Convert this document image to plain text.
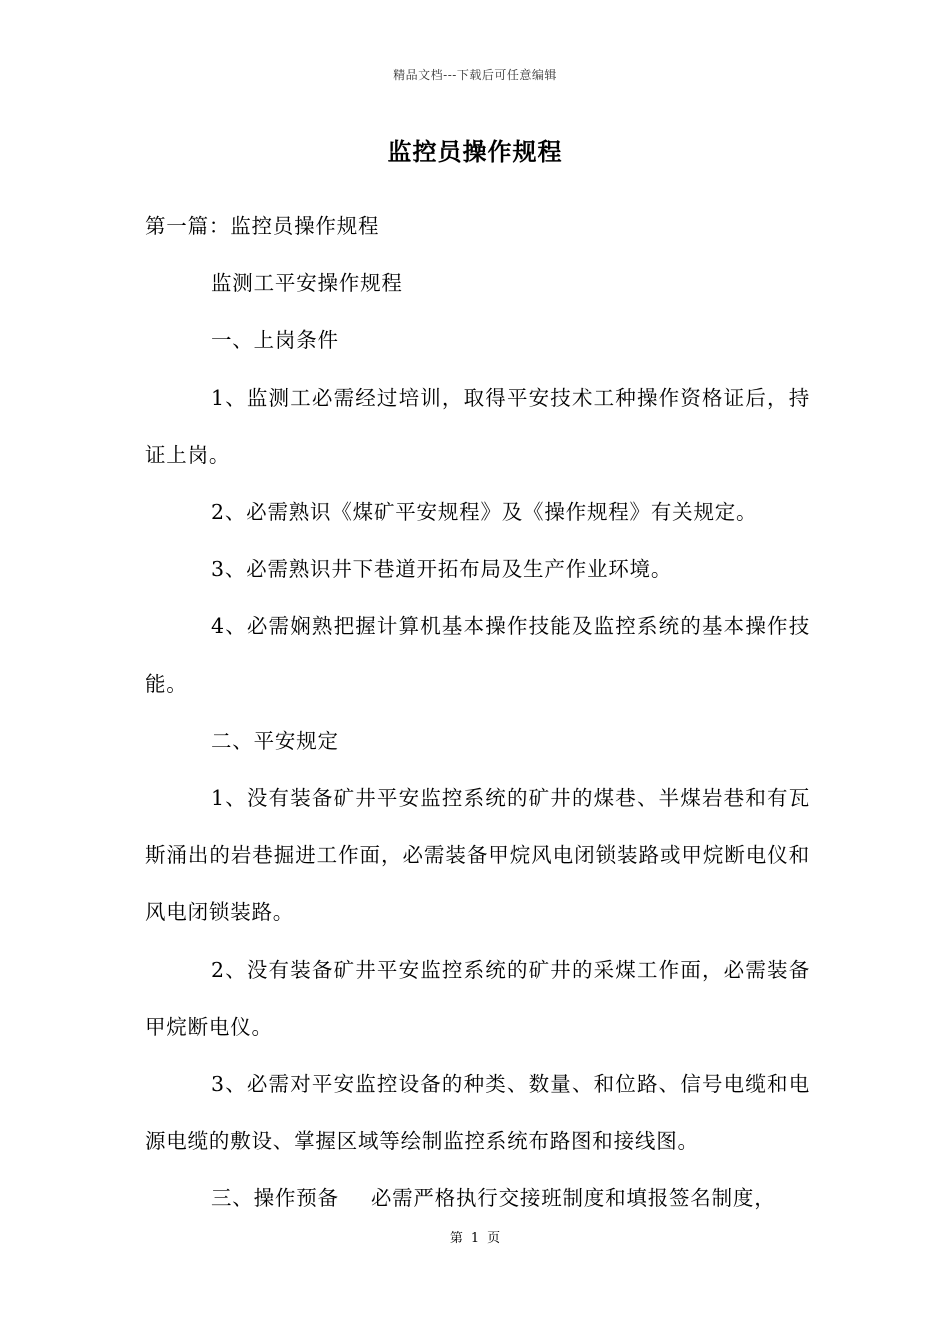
精品文档---下载后可任意编辑
监控员操作规程

第一篇：监控员操作规程

监测工平安操作规程

一、上岗条件

1、监测工必需经过培训，取得平安技术工种操作资格证后，持证上岗。

2、必需熟识《煤矿平安规程》及《操作规程》有关规定。

3、必需熟识井下巷道开拓布局及生产作业环境。

4、必需娴熟把握计算机基本操作技能及监控系统的基本操作技能。

二、平安规定

1、没有装备矿井平安监控系统的矿井的煤巷、半煤岩巷和有瓦斯涌出的岩巷掘进工作面，必需装备甲烷风电闭锁装路或甲烷断电仪和风电闭锁装路。

2、没有装备矿井平安监控系统的矿井的采煤工作面，必需装备甲烷断电仪。

3、必需对平安监控设备的种类、数量、和位路、信号电缆和电源电缆的敷设、掌握区域等绘制监控系统布路图和接线图。

三、操作预备 必需严格执行交接班制度和填报签名制度，

第 1 页
